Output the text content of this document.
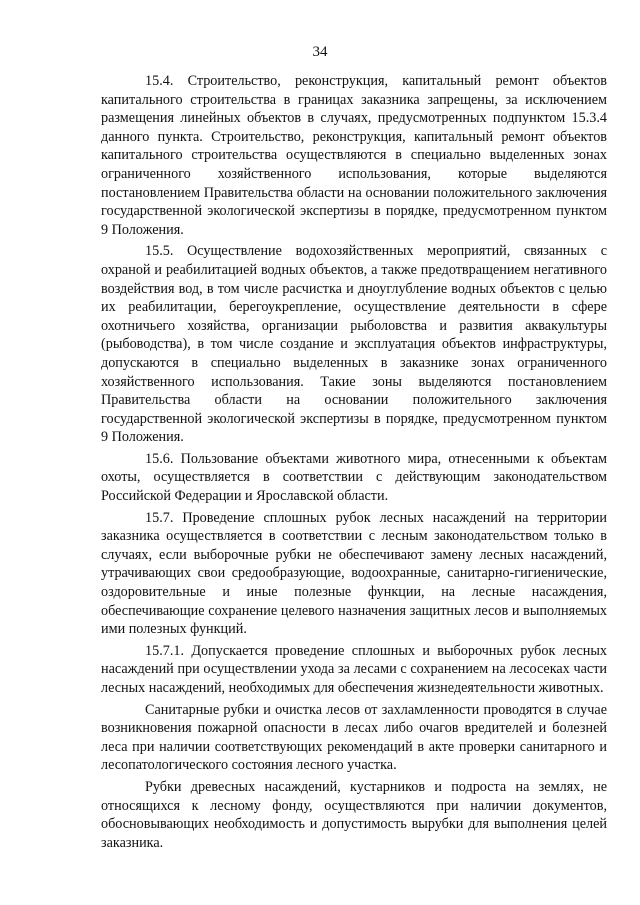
34

15.4. Строительство, реконструкция, капитальный ремонт объектов капитального строительства в границах заказника запрещены, за исключением размещения линейных объектов в случаях, предусмотренных подпунктом 15.3.4 данного пункта. Строительство, реконструкция, капитальный ремонт объектов капитального строительства осуществляются в специально выделенных зонах ограниченного хозяйственного использования, которые выделяются постановлением Правительства области на основании положительного заключения государственной экологической экспертизы в порядке, предусмотренном пунктом 9 Положения.

15.5. Осуществление водохозяйственных мероприятий, связанных с охраной и реабилитацией водных объектов, а также предотвращением негативного воздействия вод, в том числе расчистка и дноуглубление водных объектов с целью их реабилитации, берегоукрепление, осуществление деятельности в сфере охотничьего хозяйства, организации рыболовства и развития аквакультуры (рыбоводства), в том числе создание и эксплуатация объектов инфраструктуры, допускаются в специально выделенных в заказнике зонах ограниченного хозяйственного использования. Такие зоны выделяются постановлением Правительства области на основании положительного заключения государственной экологической экспертизы в порядке, предусмотренном пунктом 9 Положения.

15.6. Пользование объектами животного мира, отнесенными к объектам охоты, осуществляется в соответствии с действующим законодательством Российской Федерации и Ярославской области.

15.7. Проведение сплошных рубок лесных насаждений на территории заказника осуществляется в соответствии с лесным законодательством только в случаях, если выборочные рубки не обеспечивают замену лесных насаждений, утрачивающих свои средообразующие, водоохранные, санитарно-гигиенические, оздоровительные и иные полезные функции, на лесные насаждения, обеспечивающие сохранение целевого назначения защитных лесов и выполняемых ими полезных функций.

15.7.1. Допускается проведение сплошных и выборочных рубок лесных насаждений при осуществлении ухода за лесами с сохранением на лесосеках части лесных насаждений, необходимых для обеспечения жизнедеятельности животных.

Санитарные рубки и очистка лесов от захламленности проводятся в случае возникновения пожарной опасности в лесах либо очагов вредителей и болезней леса при наличии соответствующих рекомендаций в акте проверки санитарного и лесопатологического состояния лесного участка.

Рубки древесных насаждений, кустарников и подроста на землях, не относящихся к лесному фонду, осуществляются при наличии документов, обосновывающих необходимость и допустимость вырубки для выполнения целей заказника.
